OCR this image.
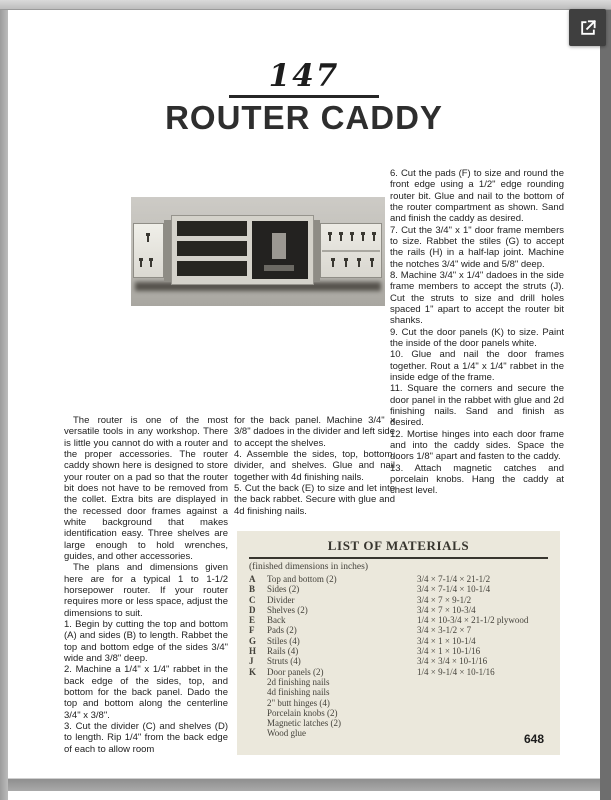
147
ROUTER CADDY

The router is one of the most versatile tools in any workshop. There is little you cannot do with a router and the proper accessories. The router caddy shown here is designed to store your router on a pad so that the router bit does not have to be removed from the collet. Extra bits are displayed in the recessed door frames against a white background that makes identification easy. Three shelves are large enough to hold wrenches, guides, and other accessories.

The plans and dimensions given here are for a typical 1 to 1-1/2 horsepower router. If your router requires more or less space, adjust the dimensions to suit.

1. Begin by cutting the top and bottom (A) and sides (B) to length. Rabbet the top and bottom edge of the sides 3/4" wide and 3/8" deep.

2. Machine a 1/4" x 1/4" rabbet in the back edge of the sides, top, and bottom for the back panel. Dado the top and bottom along the centerline 3/4" x 3/8".

3. Cut the divider (C) and shelves (D) to length. Rip 1/4" from the back edge of each to allow room

for the back panel. Machine 3/4" x 3/8" dadoes in the divider and left side to accept the shelves.

4. Assemble the sides, top, bottom, divider, and shelves. Glue and nail together with 4d finishing nails.

5. Cut the back (E) to size and let into the back rabbet. Secure with glue and 4d finishing nails.

6. Cut the pads (F) to size and round the front edge using a 1/2" edge rounding router bit. Glue and nail to the bottom of the router compartment as shown. Sand and finish the caddy as desired.

7. Cut the 3/4" x 1" door frame members to size. Rabbet the stiles (G) to accept the rails (H) in a half-lap joint. Machine the notches 3/4" wide and 5/8" deep.

8. Machine 3/4" x 1/4" dadoes in the side frame members to accept the struts (J). Cut the struts to size and drill holes spaced 1" apart to accept the router bit shanks.

9. Cut the door panels (K) to size. Paint the inside of the door panels white.

10. Glue and nail the door frames together. Rout a 1/4" x 1/4" rabbet in the inside edge of the frame.

11. Square the corners and secure the door panel in the rabbet with glue and 2d finishing nails. Sand and finish as desired.

12. Mortise hinges into each door frame and into the caddy sides. Space the doors 1/8" apart and fasten to the caddy.

13. Attach magnetic catches and porcelain knobs. Hang the caddy at chest level.

LIST OF MATERIALS
(finished dimensions in inches)
A	Top and bottom (2)	3/4 × 7-1/4 × 21-1/2
B	Sides (2)	3/4 × 7-1/4 × 10-1/4
C	Divider	3/4 × 7 × 9-1/2
D	Shelves (2)	3/4 × 7 × 10-3/4
E	Back	1/4 × 10-3/4 × 21-1/2 plywood
F	Pads (2)	3/4 × 3-1/2 × 7
G	Stiles (4)	3/4 × 1 × 10-1/4
H	Rails (4)	3/4 × 1 × 10-1/16
J	Struts (4)	3/4 × 3/4 × 10-1/16
K	Door panels (2)	1/4 × 9-1/4 × 10-1/16
2d finishing nails
4d finishing nails
2" butt hinges (4)
Porcelain knobs (2)
Magnetic latches (2)
Wood glue	648
